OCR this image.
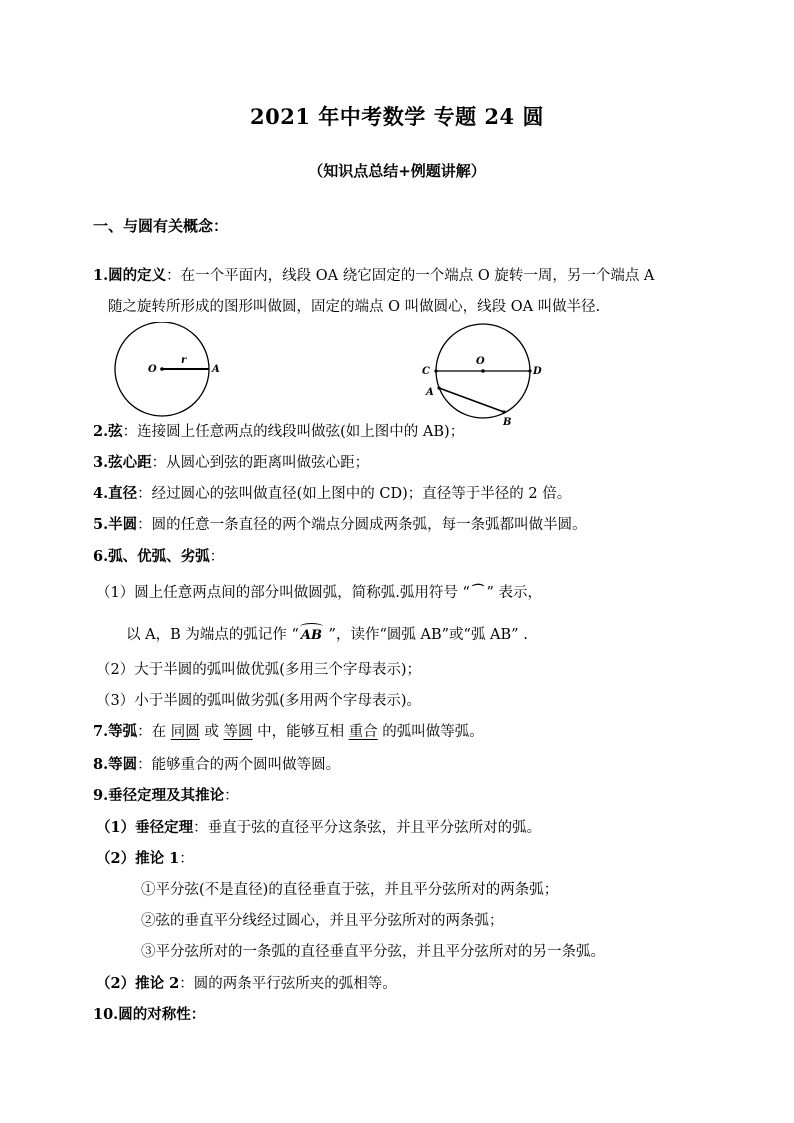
2021 年中考数学 专题 24 圆
（知识点总结+例题讲解）
一、与圆有关概念：
1.圆的定义：在一个平面内，线段 OA 绕它固定的一个端点 O 旋转一周，另一个端点 A
随之旋转所形成的图形叫做圆，固定的端点 O 叫做圆心，线段 OA 叫做半径.
O
r
A
O
C	D
A
B
2.弦：连接圆上任意两点的线段叫做弦(如上图中的 AB)；
3.弦心距：从圆心到弦的距离叫做弦心距；
4.直径：经过圆心的弦叫做直径(如上图中的 CD)；直径等于半径的 2 倍。
5.半圆：圆的任意一条直径的两个端点分圆成两条弧，每一条弧都叫做半圆。
6.弧、优弧、劣弧：
（1）圆上任意两点间的部分叫做圆弧，简称弧.弧用符号 “⌒ ” 表示，
以 A，B 为端点的弧记作 “ AB ”，读作“圆弧 AB”或“弧 AB” .
（2）大于半圆的弧叫做优弧(多用三个字母表示)；
（3）小于半圆的弧叫做劣弧(多用两个字母表示)。
7.等弧：在 同圆 或 等圆 中，能够互相 重合 的弧叫做等弧。
8.等圆：能够重合的两个圆叫做等圆。
9.垂径定理及其推论：
（1）垂径定理：垂直于弦的直径平分这条弦，并且平分弦所对的弧。
（2）推论 1：
①平分弦(不是直径)的直径垂直于弦，并且平分弦所对的两条弧；
②弦的垂直平分线经过圆心，并且平分弦所对的两条弧；
③平分弦所对的一条弧的直径垂直平分弦，并且平分弦所对的另一条弧。
（2）推论 2：圆的两条平行弦所夹的弧相等。
10.圆的对称性：
